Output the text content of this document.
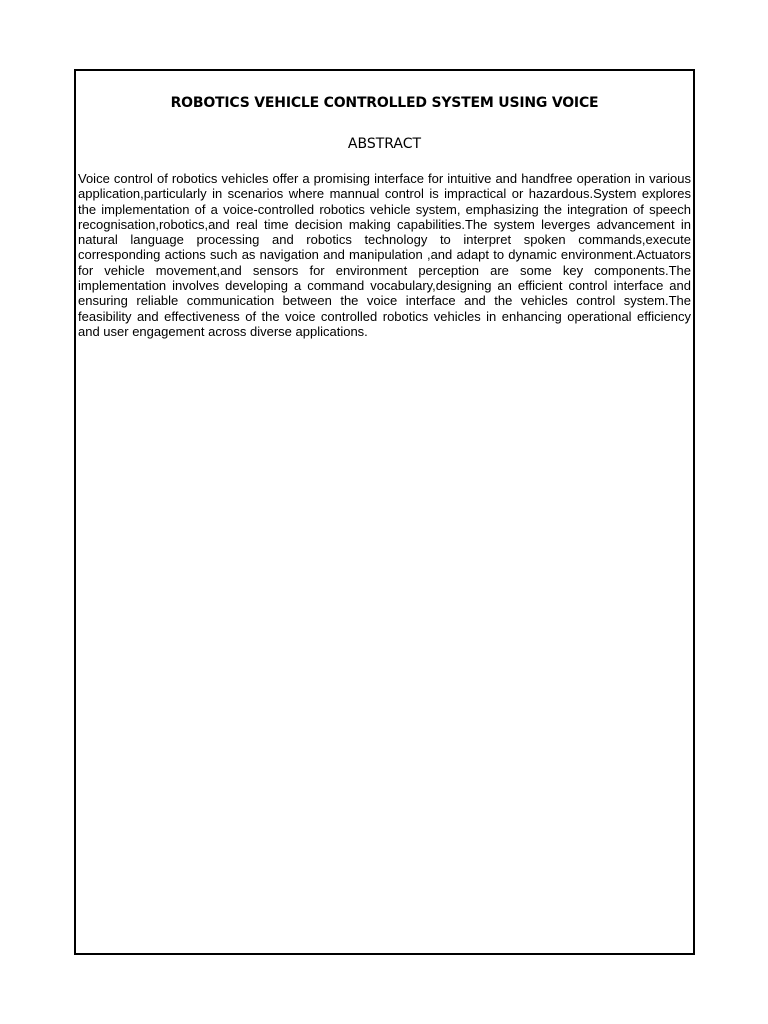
ROBOTICS VEHICLE CONTROLLED SYSTEM USING VOICE
ABSTRACT

Voice control of robotics vehicles offer a promising interface for intuitive and handfree operation in various application,particularly in scenarios where mannual control is impractical or hazardous.System explores the implementation of a voice-controlled robotics vehicle system, emphasizing the integration of speech recognisation,robotics,and real time decision making capabilities.The system leverges advancement in natural language processing and robotics technology to interpret spoken commands,execute corresponding actions such as navigation and manipulation ,and adapt to dynamic environment.Actuators for vehicle movement,and sensors for environment perception are some key components.The implementation involves developing a command vocabulary,designing an efficient control interface and ensuring reliable communication between the voice interface and the vehicles control system.The feasibility and effectiveness of the voice controlled robotics vehicles in enhancing operational efficiency and user engagement across diverse applications.
